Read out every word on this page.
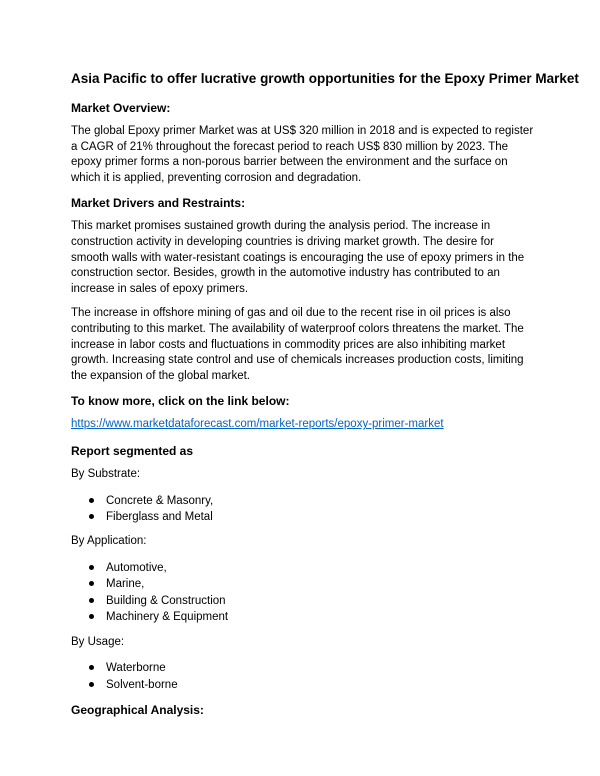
Asia Pacific to offer lucrative growth opportunities for the Epoxy Primer Market
Market Overview:

The global Epoxy primer Market was at US$ 320 million in 2018 and is expected to register a CAGR of 21% throughout the forecast period to reach US$ 830 million by 2023. The epoxy primer forms a non-porous barrier between the environment and the surface on which it is applied, preventing corrosion and degradation.

Market Drivers and Restraints:

This market promises sustained growth during the analysis period. The increase in construction activity in developing countries is driving market growth. The desire for smooth walls with water-resistant coatings is encouraging the use of epoxy primers in the construction sector. Besides, growth in the automotive industry has contributed to an increase in sales of epoxy primers.

The increase in offshore mining of gas and oil due to the recent rise in oil prices is also contributing to this market. The availability of waterproof colors threatens the market. The increase in labor costs and fluctuations in commodity prices are also inhibiting market growth. Increasing state control and use of chemicals increases production costs, limiting the expansion of the global market.

To know more, click on the link below:
https://www.marketdataforecast.com/market-reports/epoxy-primer-market
Report segmented as
By Substrate:
Concrete & Masonry,
Fiberglass and Metal
By Application:
Automotive,
Marine,
Building & Construction
Machinery & Equipment
By Usage:
Waterborne
Solvent-borne
Geographical Analysis:
